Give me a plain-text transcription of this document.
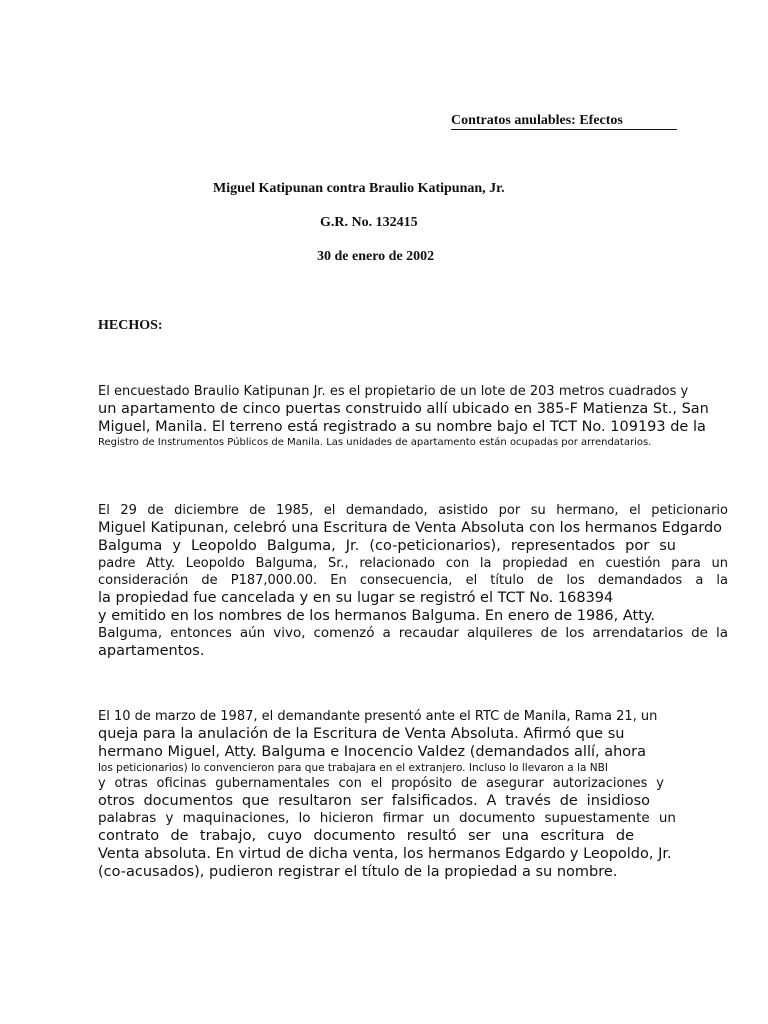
Contratos anulables: Efectos
Miguel Katipunan contra Braulio Katipunan, Jr.
G.R. No. 132415
30 de enero de 2002
HECHOS:
El encuestado Braulio Katipunan Jr. es el propietario de un lote de 203 metros cuadrados y
un apartamento de cinco puertas construido allí ubicado en 385-F Matienza St., San
Miguel, Manila. El terreno está registrado a su nombre bajo el TCT No. 109193 de la
Registro de Instrumentos Públicos de Manila. Las unidades de apartamento están ocupadas por arrendatarios.
El 29 de diciembre de 1985, el demandado, asistido por su hermano, el peticionario
Miguel Katipunan, celebró una Escritura de Venta Absoluta con los hermanos Edgardo
Balguma y Leopoldo Balguma, Jr. (co-peticionarios), representados por su
padre Atty. Leopoldo Balguma, Sr., relacionado con la propiedad en cuestión para un
consideración de P187,000.00. En consecuencia, el título de los demandados a la
la propiedad fue cancelada y en su lugar se registró el TCT No. 168394
y emitido en los nombres de los hermanos Balguma. En enero de 1986, Atty.
Balguma, entonces aún vivo, comenzó a recaudar alquileres de los arrendatarios de la
apartamentos.
El 10 de marzo de 1987, el demandante presentó ante el RTC de Manila, Rama 21, un
queja para la anulación de la Escritura de Venta Absoluta. Afirmó que su
hermano Miguel, Atty. Balguma e Inocencio Valdez (demandados allí, ahora
los peticionarios) lo convencieron para que trabajara en el extranjero. Incluso lo llevaron a la NBI
y otras oficinas gubernamentales con el propósito de asegurar autorizaciones y
otros documentos que resultaron ser falsificados. A través de insidioso
palabras y maquinaciones, lo hicieron firmar un documento supuestamente un
contrato de trabajo, cuyo documento resultó ser una escritura de
Venta absoluta. En virtud de dicha venta, los hermanos Edgardo y Leopoldo, Jr.
(co-acusados), pudieron registrar el título de la propiedad a su nombre.
